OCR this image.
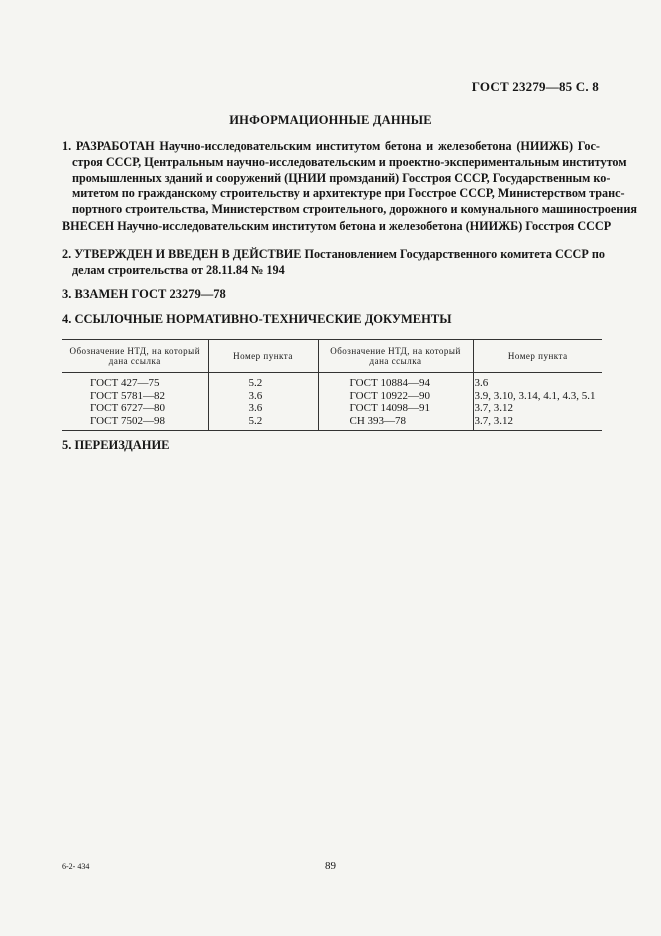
ГОСТ 23279—85 С. 8
ИНФОРМАЦИОННЫЕ ДАННЫЕ
1. РАЗРАБОТАН Научно-исследовательским институтом бетона и железобетона (НИИЖБ) Гос-
строя СССР, Центральным научно-исследовательским и проектно-экспериментальным институтом
промышленных зданий и сооружений (ЦНИИ промзданий) Госстроя СССР, Государственным ко-
митетом по гражданскому строительству и архитектуре при Госстрое СССР, Министерством транс-
портного строительства, Министерством строительного, дорожного и комунального машиностроения
ВНЕСЕН Научно-исследовательским институтом бетона и железобетона (НИИЖБ) Госстроя СССР
2. УТВЕРЖДЕН И ВВЕДЕН В ДЕЙСТВИЕ Постановлением Государственного комитета СССР по
делам строительства от 28.11.84 № 194
3. ВЗАМЕН ГОСТ 23279—78
4. ССЫЛОЧНЫЕ НОРМАТИВНО-ТЕХНИЧЕСКИЕ ДОКУМЕНТЫ
Обозначение НТД, на который дана ссылка	Номер пункта	Обозначение НТД, на который дана ссылка	Номер пункта
ГОСТ 427—75	5.2	ГОСТ 10884—94	3.6
ГОСТ 5781—82	3.6	ГОСТ 10922—90	3.9, 3.10, 3.14, 4.1, 4.3, 5.1
ГОСТ 6727—80	3.6	ГОСТ 14098—91	3.7, 3.12
ГОСТ 7502—98	5.2	СН 393—78	3.7, 3.12
5. ПЕРЕИЗДАНИЕ
6-2- 434	89
